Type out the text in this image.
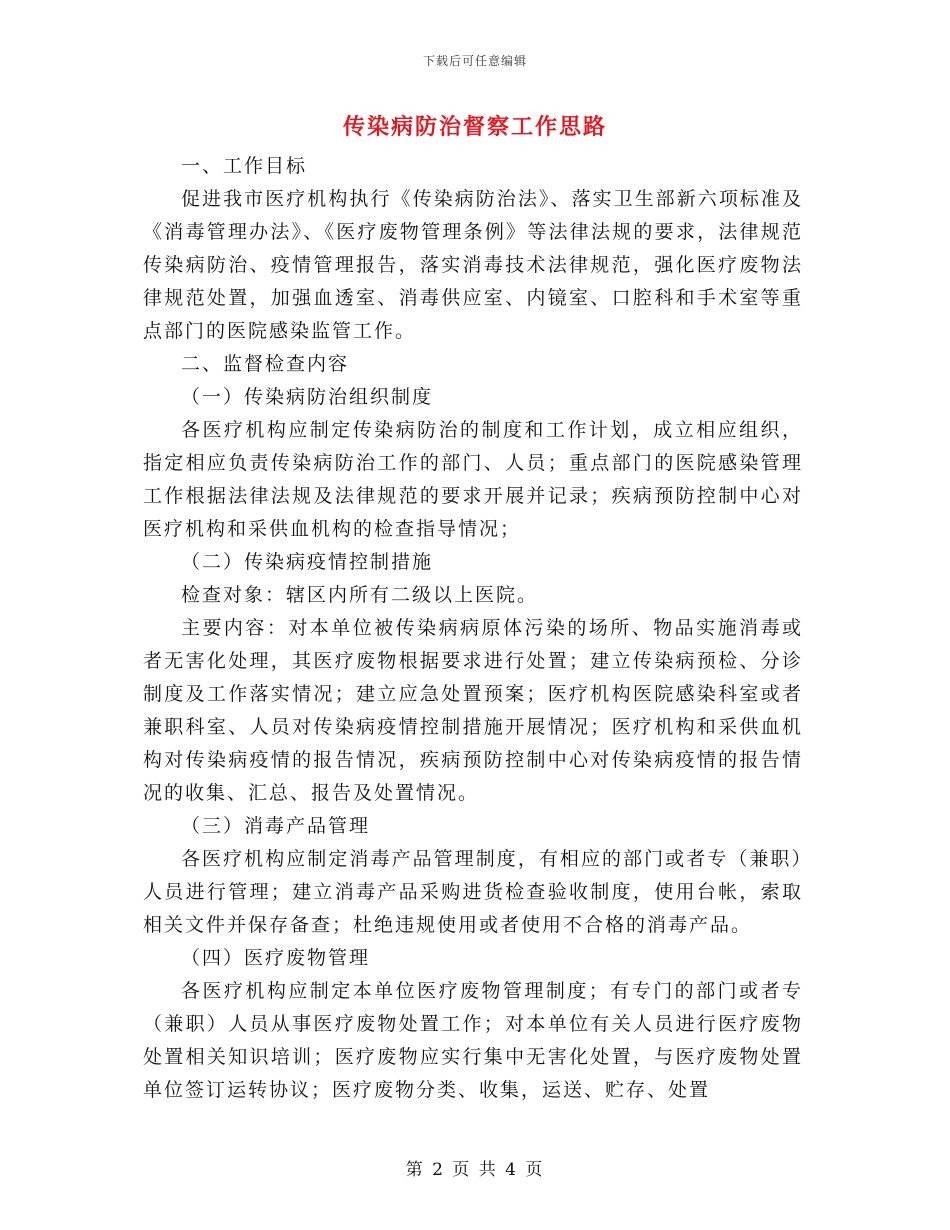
下载后可任意编辑
传染病防治督察工作思路

一、工作目标

促进我市医疗机构执行《传染病防治法》、落实卫生部新六项标准及《消毒管理办法》、《医疗废物管理条例》等法律法规的要求，法律规范传染病防治、疫情管理报告，落实消毒技术法律规范，强化医疗废物法律规范处置，加强血透室、消毒供应室、内镜室、口腔科和手术室等重点部门的医院感染监管工作。

二、监督检查内容

（一）传染病防治组织制度

各医疗机构应制定传染病防治的制度和工作计划，成立相应组织，指定相应负责传染病防治工作的部门、人员；重点部门的医院感染管理工作根据法律法规及法律规范的要求开展并记录；疾病预防控制中心对医疗机构和采供血机构的检查指导情况；

（二）传染病疫情控制措施

检查对象：辖区内所有二级以上医院。

主要内容：对本单位被传染病病原体污染的场所、物品实施消毒或者无害化处理，其医疗废物根据要求进行处置；建立传染病预检、分诊制度及工作落实情况；建立应急处置预案；医疗机构医院感染科室或者兼职科室、人员对传染病疫情控制措施开展情况；医疗机构和采供血机构对传染病疫情的报告情况，疾病预防控制中心对传染病疫情的报告情况的收集、汇总、报告及处置情况。

（三）消毒产品管理

各医疗机构应制定消毒产品管理制度，有相应的部门或者专（兼职）人员进行管理；建立消毒产品采购进货检查验收制度，使用台帐，索取相关文件并保存备查；杜绝违规使用或者使用不合格的消毒产品。

（四）医疗废物管理

各医疗机构应制定本单位医疗废物管理制度；有专门的部门或者专（兼职）人员从事医疗废物处置工作；对本单位有关人员进行医疗废物处置相关知识培训；医疗废物应实行集中无害化处置，与医疗废物处置单位签订运转协议；医疗废物分类、收集，运送、贮存、处置

第 2 页 共 4 页
